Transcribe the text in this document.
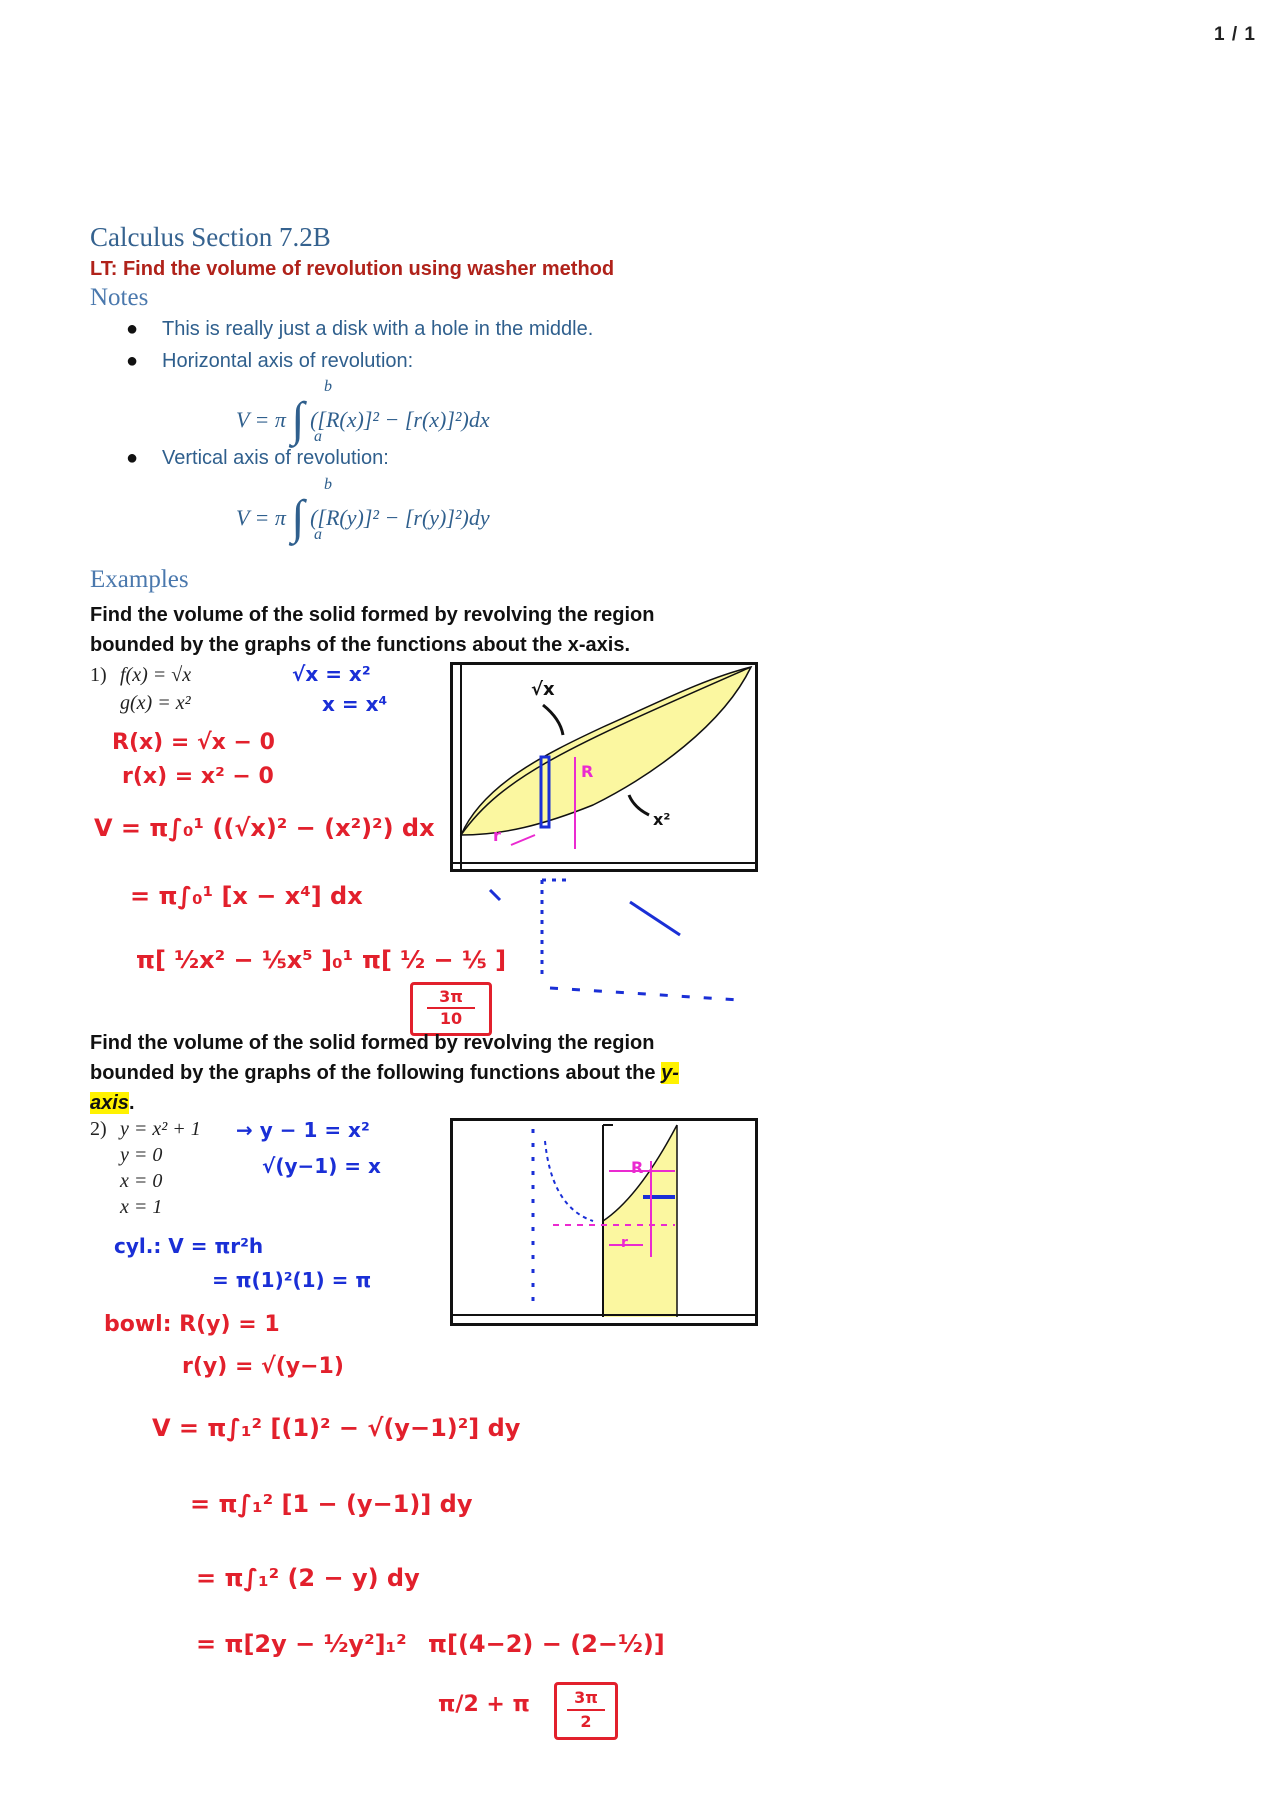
1 / 1
Calculus Section 7.2B
LT: Find the volume of revolution using washer method
Notes
● This is really just a disk with a hole in the middle.
● Horizontal axis of revolution:
V = π ∫ ([R(x)]² − [r(x)]²)dx
b
a
● Vertical axis of revolution:
V = π ∫ ([R(y)]² − [r(y)]²)dy
b
a
Examples
Find the volume of the solid formed by revolving the region
bounded by the graphs of the functions about the x-axis.
1) f(x) = √x
g(x) = x²
√x = x²
x = x⁴
R(x) = √x − 0
r(x) = x² − 0
V = π∫₀¹ ((√x)² − (x²)²) dx
= π∫₀¹ [x − x⁴] dx
π[ ½x² − ⅕x⁵ ]₀¹ π[ ½ − ⅕ ]
$\frac{3\pi}{10}$
√x
x²
R
r
Find the volume of the solid formed by revolving the region
bounded by the graphs of the following functions about the y-
axis.
2) y = x² + 1
y = 0
x = 0
x = 1
→ y − 1 = x²
√(y−1) = x
cyl.: V = πr²h
= π(1)²(1) = π
bowl: R(y) = 1
r(y) = √(y−1)
V = π∫₁² [(1)² − √(y−1)²] dy
= π∫₁² [1 − (y−1)] dy
= π∫₁² (2 − y) dy
= π[2y − ½y²]₁² π[(4−2) − (2−½)]
π/2 + π $\frac{3\pi}{2}$
R
r
